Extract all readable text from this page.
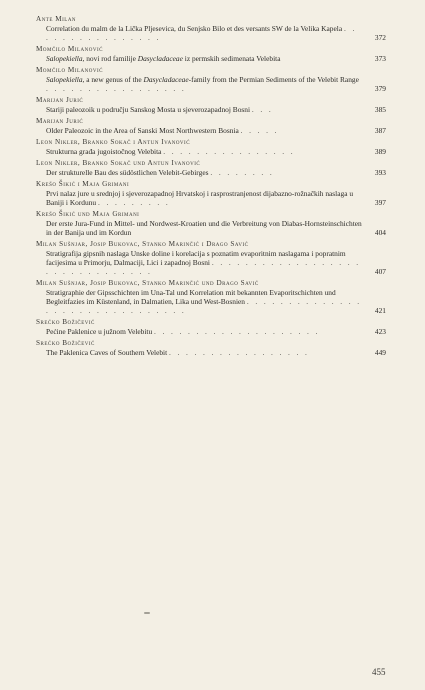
Ante Milan
Correlation du malm de la Lička Pljesevica, du Senjsko Bilo et des versants SW de la Velika Kapela . . . . . . . . . . . . . . . .	372
Momčilo Milanović
Salopekiella, novi rod familije Dasycladaceae iz permskih sedimenata Velebita	373
Momčilo Milanović
Salopekiella, a new genus of the Dasycladaceae-family from the Permian Sediments of the Velebit Range . . . . . . . . . . . . . . . . .	379
Marijan Jurić
Stariji paleozoik u području Sanskog Mosta u sjeverozapadnoj Bosni . . .	385
Marijan Jurić
Older Paleozoic in the Area of Sanski Most Northwestern Bosnia . . . . .	387
Leon Nikler, Branko Sokač i Antun Ivanović
Strukturna građa jugoistočnog Velebita . . . . . . . . . . . . . . . .	389
Leon Nikler, Branko Sokač und Antun Ivanović
Der strukturelle Bau des südöstlichen Velebit-Gebirges . . . . . . . .	393
Krešo Šikić i Maja Grimani
Prvi nalaz jure u srednjoj i sjeverozapadnoj Hrvatskoj i rasprostranjenost dijabazno-rožnačkih naslaga u Baniji i Kordunu . . . . . . . . .	397
Krešo Šikić und Maja Grimani
Der erste Jura-Fund in Mittel- und Nordwest-Kroatien und die Verbreitung von Diabas-Hornsteinschichten in der Banija und im Kordun	404
Milan Sušnjar, Josip Bukovac, Stanko Marinčić i Drago Savić
Stratigrafija gipsnih naslaga Unske doline i korelacija s poznatim evaporitnim naslagama i popratnim facijesima u Primorju, Dalmaciji, Lici i zapadnoj Bosni . . . . . . . . . . . . . . . . . . . . . . . . . . . . . . .	407
Milan Sušnjar, Josip Bukovac, Stanko Marinčić und Drago Savić
Stratigraphie der Gipsschichten im Una-Tal und Korrelation mit bekannten Evaporitschichten und Begleitfazies im Küstenland, in Dalmatien, Lika und West-Bosnien . . . . . . . . . . . . . . . . . . . . . . . . . . . . . . .	421
Srećko Božičević
Pećine Paklenice u južnom Velebitu . . . . . . . . . . . . . . . . . . . .	423
Srećko Božičević
The Paklenica Caves of Southern Velebit . . . . . . . . . . . . . . . . .	449
455
